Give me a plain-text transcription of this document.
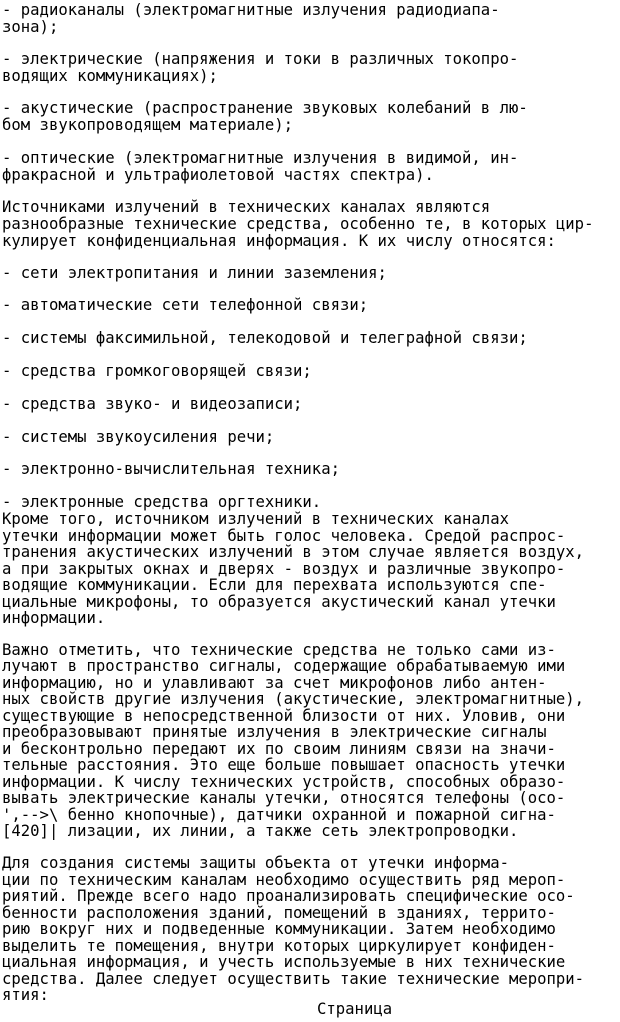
- радиоканалы (электромагнитные излучения радиодиапа-

зона);

- электрические (напряжения и токи в различных токопро-

водящих коммуникациях);

- акустические (распространение звуковых колебаний в лю-

бом звукопроводящем материале);

- оптические (электромагнитные излучения в видимой, ин-

фракрасной и ультрафиолетовой частях спектра).

Источниками излучений в технических каналах являются

разнообразные технические средства, особенно те, в которых цир-

кулирует конфиденциальная информация. К их числу относятся:

- сети электропитания и линии заземления;

- автоматические сети телефонной связи;

- системы факсимильной, телекодовой и телеграфной связи;

- средства громкоговорящей связи;

- средства звуко- и видеозаписи;

- системы звукоусиления речи;

- электронно-вычислительная техника;

- электронные средства оргтехники.

Кроме того, источником излучений в технических каналах

утечки информации может быть голос человека. Средой распрос-

транения акустических излучений в этом случае является воздух,

а при закрытых окнах и дверях - воздух и различные звукопро-

водящие коммуникации. Если для перехвата используются спе-

циальные микрофоны, то образуется акустический канал утечки

информации.

Важно отметить, что технические средства не только сами из-

лучают в пространство сигналы, содержащие обрабатываемую ими

информацию, но и улавливают за счет микрофонов либо антен-

ных свойств другие излучения (акустические, электромагнитные),

существующие в непосредственной близости от них. Уловив, они

преобразовывают принятые излучения в электрические сигналы

и бесконтрольно передают их по своим линиям связи на значи-

тельные расстояния. Это еще больше повышает опасность утечки

информации. К числу технических устройств, способных образо-

вывать электрические каналы утечки, относятся телефоны (осо-

',-->\ бенно кнопочные), датчики охранной и пожарной сигна-

[420]| лизации, их линии, а также сеть электропроводки.

Для создания системы защиты объекта от утечки информа-

ции по техническим каналам необходимо осуществить ряд мероп-

риятий. Прежде всего надо проанализировать специфические осо-

бенности расположения зданий, помещений в зданиях, террито-

рию вокруг них и подведенные коммуникации. Затем необходимо

выделить те помещения, внутри которых циркулирует конфиден-

циальная информация, и учесть используемые в них технические

средства. Далее следует осуществить такие технические меропри-

ятия:

Страница
